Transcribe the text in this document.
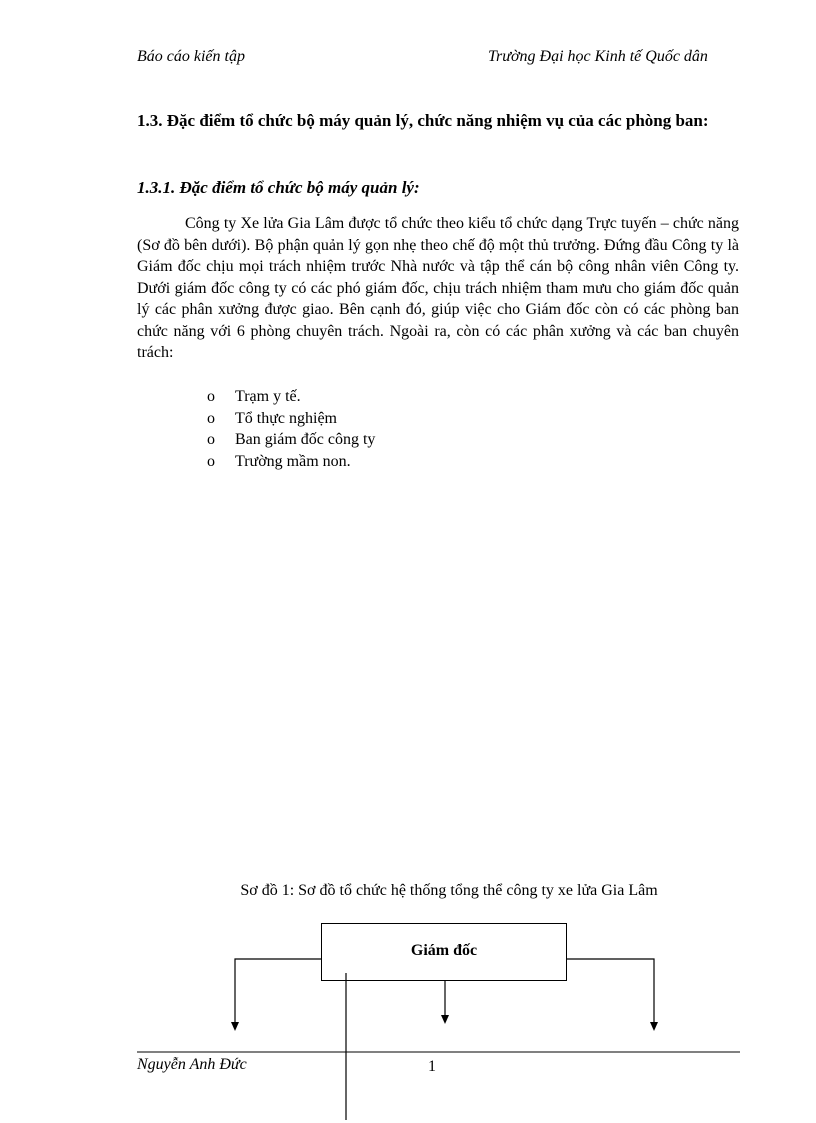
Báo cáo kiến tập	Trường Đại học Kinh tế Quốc dân
1.3. Đặc điểm tổ chức bộ máy quản lý, chức năng nhiệm vụ của các phòng ban:
1.3.1. Đặc điểm tổ chức bộ máy quản lý:

Công ty Xe lửa Gia Lâm được tổ chức theo kiểu tổ chức dạng Trực tuyến – chức năng (Sơ đồ bên dưới). Bộ phận quản lý gọn nhẹ theo chế độ một thủ trưởng. Đứng đầu Công ty là Giám đốc chịu mọi trách nhiệm trước Nhà nước và tập thể cán bộ công nhân viên Công ty. Dưới giám đốc công ty có các phó giám đốc, chịu trách nhiệm tham mưu cho giám đốc quản lý các phân xưởng được giao. Bên cạnh đó, giúp việc cho Giám đốc còn có các phòng ban chức năng với 6 phòng chuyên trách. Ngoài ra, còn có các phân xưởng và các ban chuyên trách:

o	Trạm y tế.
o	Tổ thực nghiệm
o	Ban giám đốc công ty
o	Trường mầm non.
Sơ đồ 1: Sơ đồ tổ chức hệ thống tổng thể công ty xe lửa Gia Lâm
Giám đốc
Nguyễn Anh Đức	1
